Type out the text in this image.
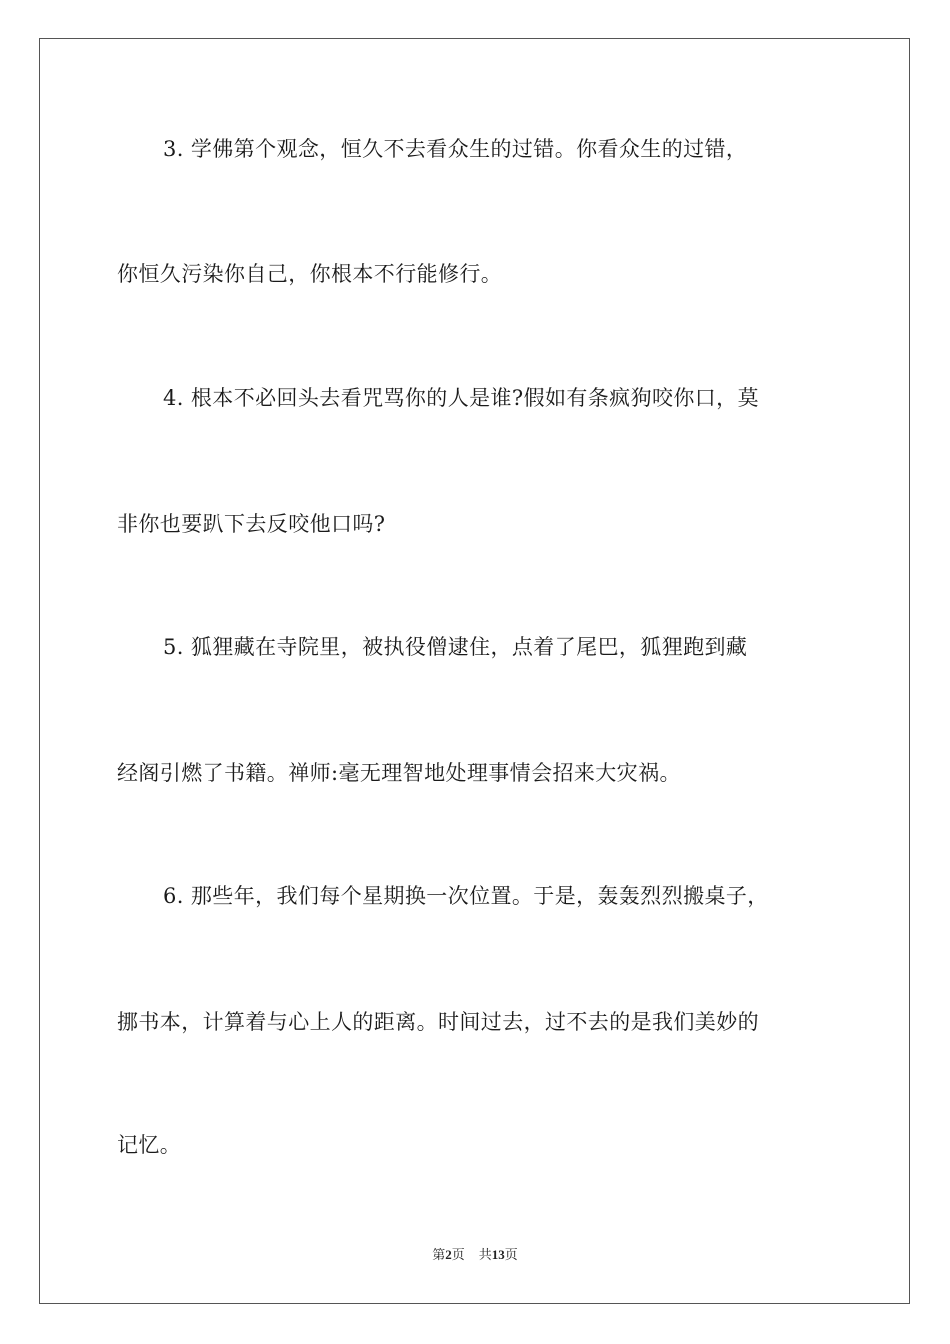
3. 学佛第个观念，恒久不去看众生的过错。你看众生的过错，
你恒久污染你自己，你根本不行能修行。
4. 根本不必回头去看咒骂你的人是谁?假如有条疯狗咬你口，莫
非你也要趴下去反咬他口吗?
5. 狐狸藏在寺院里，被执役僧逮住，点着了尾巴，狐狸跑到藏
经阁引燃了书籍。禅师:毫无理智地处理事情会招来大灾祸。
6. 那些年，我们每个星期换一次位置。于是，轰轰烈烈搬桌子，
挪书本，计算着与心上人的距离。时间过去，过不去的是我们美妙的
记忆。
第2页 共13页
